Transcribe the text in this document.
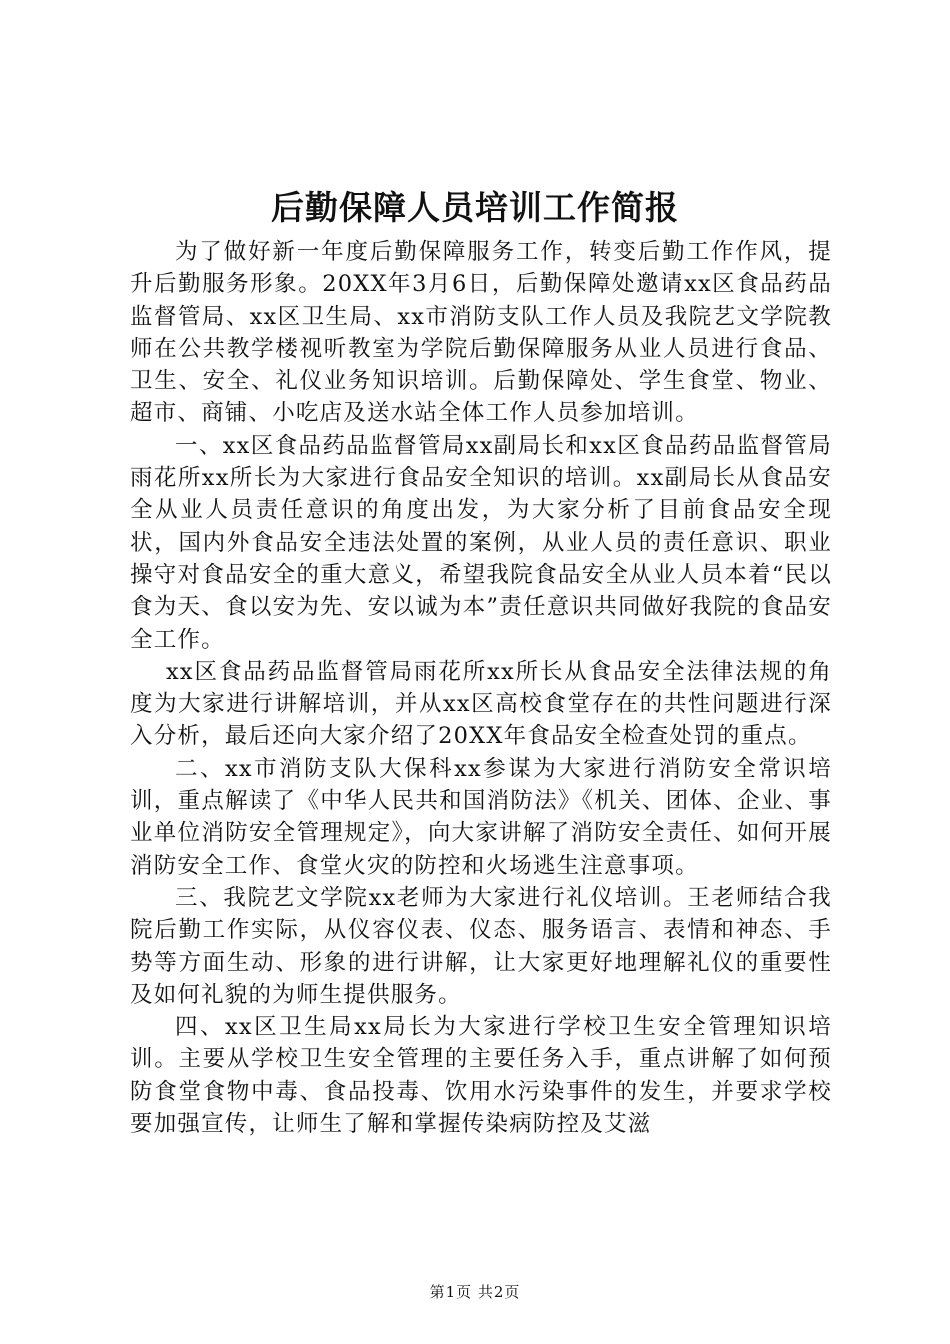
后勤保障人员培训工作简报

为了做好新一年度后勤保障服务工作，转变后勤工作作风，提升后勤服务形象。20XX年3月6日，后勤保障处邀请xx区食品药品监督管局、xx区卫生局、xx市消防支队工作人员及我院艺文学院教师在公共教学楼视听教室为学院后勤保障服务从业人员进行食品、卫生、安全、礼仪业务知识培训。后勤保障处、学生食堂、物业、超市、商铺、小吃店及送水站全体工作人员参加培训。

一、xx区食品药品监督管局xx副局长和xx区食品药品监督管局雨花所xx所长为大家进行食品安全知识的培训。xx副局长从食品安全从业人员责任意识的角度出发，为大家分析了目前食品安全现状，国内外食品安全违法处置的案例，从业人员的责任意识、职业操守对食品安全的重大意义，希望我院食品安全从业人员本着“民以食为天、食以安为先、安以诚为本”责任意识共同做好我院的食品安全工作。

xx区食品药品监督管局雨花所xx所长从食品安全法律法规的角度为大家进行讲解培训，并从xx区高校食堂存在的共性问题进行深入分析，最后还向大家介绍了20XX年食品安全检查处罚的重点。

二、xx市消防支队大保科xx参谋为大家进行消防安全常识培训，重点解读了《中华人民共和国消防法》《机关、团体、企业、事业单位消防安全管理规定》，向大家讲解了消防安全责任、如何开展消防安全工作、食堂火灾的防控和火场逃生注意事项。

三、我院艺文学院xx老师为大家进行礼仪培训。王老师结合我院后勤工作实际，从仪容仪表、仪态、服务语言、表情和神态、手势等方面生动、形象的进行讲解，让大家更好地理解礼仪的重要性及如何礼貌的为师生提供服务。

四、xx区卫生局xx局长为大家进行学校卫生安全管理知识培训。主要从学校卫生安全管理的主要任务入手，重点讲解了如何预防食堂食物中毒、食品投毒、饮用水污染事件的发生，并要求学校要加强宣传，让师生了解和掌握传染病防控及艾滋

第1页 共2页
